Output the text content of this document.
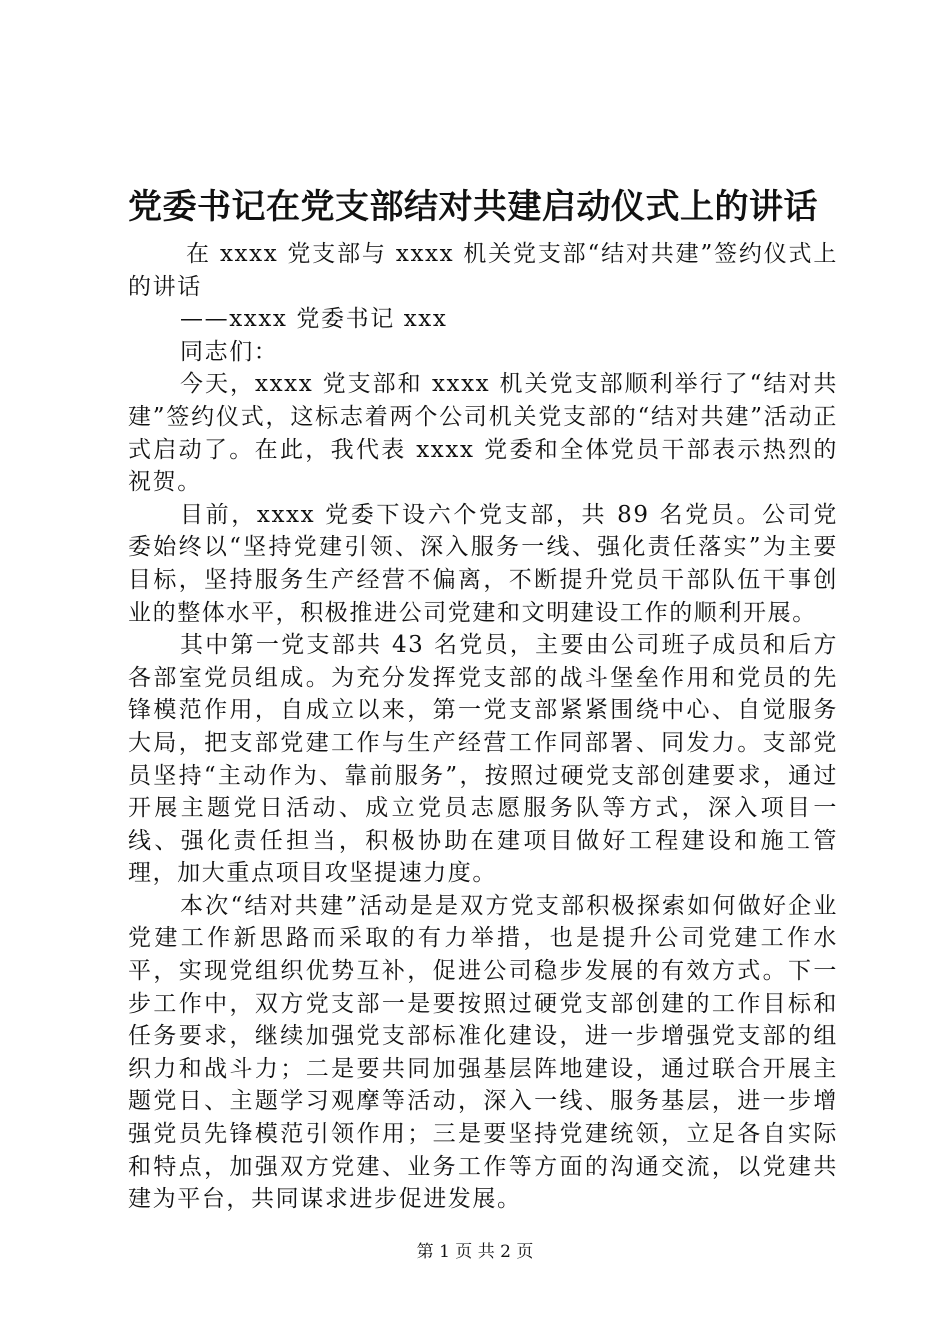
党委书记在党支部结对共建启动仪式上的讲话

在 xxxx 党支部与 xxxx 机关党支部“结对共建”签约仪式上的讲话

——xxxx 党委书记 xxx

同志们：

今天，xxxx 党支部和 xxxx 机关党支部顺利举行了“结对共建”签约仪式，这标志着两个公司机关党支部的“结对共建”活动正式启动了。在此，我代表 xxxx 党委和全体党员干部表示热烈的祝贺。

目前，xxxx 党委下设六个党支部，共 89 名党员。公司党委始终以“坚持党建引领、深入服务一线、强化责任落实”为主要目标，坚持服务生产经营不偏离，不断提升党员干部队伍干事创业的整体水平，积极推进公司党建和文明建设工作的顺利开展。

其中第一党支部共 43 名党员，主要由公司班子成员和后方各部室党员组成。为充分发挥党支部的战斗堡垒作用和党员的先锋模范作用，自成立以来，第一党支部紧紧围绕中心、自觉服务大局，把支部党建工作与生产经营工作同部署、同发力。支部党员坚持“主动作为、靠前服务”，按照过硬党支部创建要求，通过开展主题党日活动、成立党员志愿服务队等方式，深入项目一线、强化责任担当，积极协助在建项目做好工程建设和施工管理，加大重点项目攻坚提速力度。

本次“结对共建”活动是是双方党支部积极探索如何做好企业党建工作新思路而采取的有力举措，也是提升公司党建工作水平，实现党组织优势互补，促进公司稳步发展的有效方式。下一步工作中，双方党支部一是要按照过硬党支部创建的工作目标和任务要求，继续加强党支部标准化建设，进一步增强党支部的组织力和战斗力；二是要共同加强基层阵地建设，通过联合开展主题党日、主题学习观摩等活动，深入一线、服务基层，进一步增强党员先锋模范引领作用；三是要坚持党建统领，立足各自实际和特点，加强双方党建、业务工作等方面的沟通交流，以党建共建为平台，共同谋求进步促进发展。

第 1 页 共 2 页
